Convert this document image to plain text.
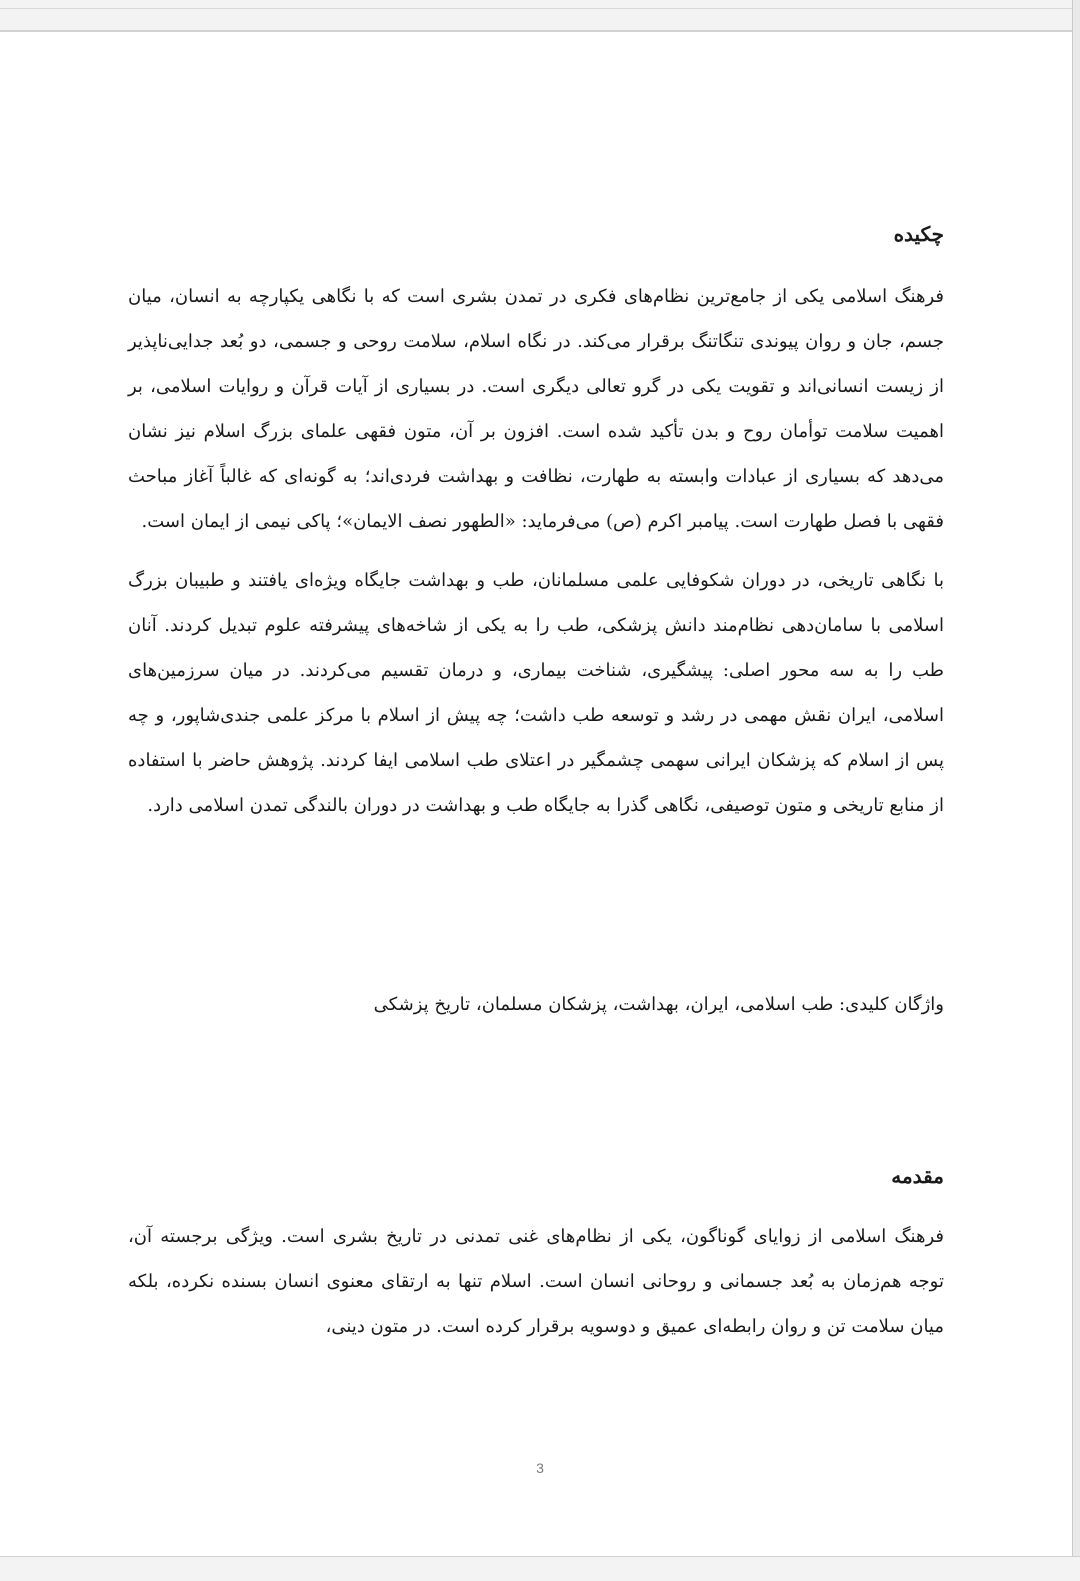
چکیده

فرهنگ اسلامی یکی از جامع‌ترین نظام‌های فکری در تمدن بشری است که با نگاهی یکپارچه به انسان، میان جسم، جان و روان پیوندی تنگاتنگ برقرار می‌کند. در نگاه اسلام، سلامت روحی و جسمی، دو بُعد جدایی‌ناپذیر از زیست انسانی‌اند و تقویت یکی در گرو تعالی دیگری است. در بسیاری از آیات قرآن و روایات اسلامی، بر اهمیت سلامت توأمان روح و بدن تأکید شده است. افزون بر آن، متون فقهی علمای بزرگ اسلام نیز نشان می‌دهد که بسیاری از عبادات وابسته به طهارت، نظافت و بهداشت فردی‌اند؛ به گونه‌ای که غالباً آغاز مباحث فقهی با فصل طهارت است. پیامبر اکرم (ص) می‌فرماید: «الطهور نصف الایمان»؛ پاکی نیمی از ایمان است.

با نگاهی تاریخی، در دوران شکوفایی علمی مسلمانان، طب و بهداشت جایگاه ویژه‌ای یافتند و طبیبان بزرگ اسلامی با سامان‌دهی نظام‌مند دانش پزشکی، طب را به یکی از شاخه‌های پیشرفته علوم تبدیل کردند. آنان طب را به سه محور اصلی: پیشگیری، شناخت بیماری، و درمان تقسیم می‌کردند. در میان سرزمین‌های اسلامی، ایران نقش مهمی در رشد و توسعه طب داشت؛ چه پیش از اسلام با مرکز علمی جندی‌شاپور، و چه پس از اسلام که پزشکان ایرانی سهمی چشمگیر در اعتلای طب اسلامی ایفا کردند. پژوهش حاضر با استفاده از منابع تاریخی و متون توصیفی، نگاهی گذرا به جایگاه طب و بهداشت در دوران بالندگی تمدن اسلامی دارد.

واژگان کلیدی: طب اسلامی، ایران، بهداشت، پزشکان مسلمان، تاریخ پزشکی
مقدمه

فرهنگ اسلامی از زوایای گوناگون، یکی از نظام‌های غنی تمدنی در تاریخ بشری است. ویژگی برجسته آن، توجه هم‌زمان به بُعد جسمانی و روحانی انسان است. اسلام تنها به ارتقای معنوی انسان بسنده نکرده، بلکه میان سلامت تن و روان رابطه‌ای عمیق و دوسویه برقرار کرده است. در متون دینی،

3
